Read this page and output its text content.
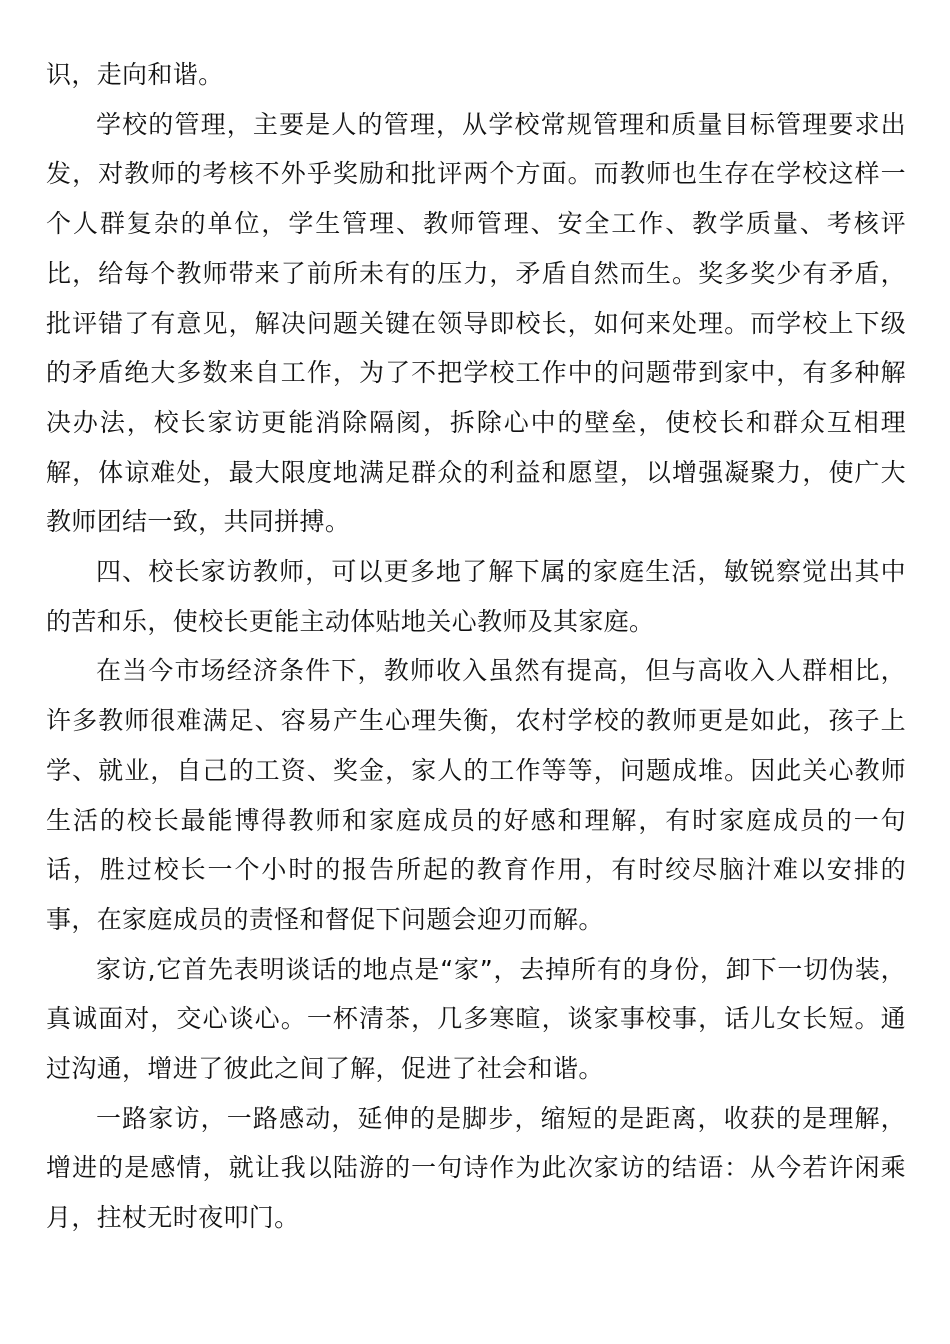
识，走向和谐。

学校的管理，主要是人的管理，从学校常规管理和质量目标管理要求出发，对教师的考核不外乎奖励和批评两个方面。而教师也生存在学校这样一个人群复杂的单位，学生管理、教师管理、安全工作、教学质量、考核评比，给每个教师带来了前所未有的压力，矛盾自然而生。奖多奖少有矛盾，批评错了有意见，解决问题关键在领导即校长，如何来处理。而学校上下级的矛盾绝大多数来自工作，为了不把学校工作中的问题带到家中，有多种解决办法，校长家访更能消除隔阂，拆除心中的壁垒，使校长和群众互相理解，体谅难处，最大限度地满足群众的利益和愿望，以增强凝聚力，使广大教师团结一致，共同拼搏。

四、校长家访教师，可以更多地了解下属的家庭生活，敏锐察觉出其中的苦和乐，使校长更能主动体贴地关心教师及其家庭。

在当今市场经济条件下，教师收入虽然有提高，但与高收入人群相比，许多教师很难满足、容易产生心理失衡，农村学校的教师更是如此，孩子上学、就业，自己的工资、奖金，家人的工作等等，问题成堆。因此关心教师生活的校长最能博得教师和家庭成员的好感和理解，有时家庭成员的一句话，胜过校长一个小时的报告所起的教育作用，有时绞尽脑汁难以安排的事，在家庭成员的责怪和督促下问题会迎刃而解。

家访,它首先表明谈话的地点是“家”，去掉所有的身份，卸下一切伪装，真诚面对，交心谈心。一杯清茶，几多寒暄，谈家事校事，话儿女长短。通过沟通，增进了彼此之间了解，促进了社会和谐。

一路家访，一路感动，延伸的是脚步，缩短的是距离，收获的是理解，增进的是感情，就让我以陆游的一句诗作为此次家访的结语：从今若许闲乘月，拄杖无时夜叩门。
